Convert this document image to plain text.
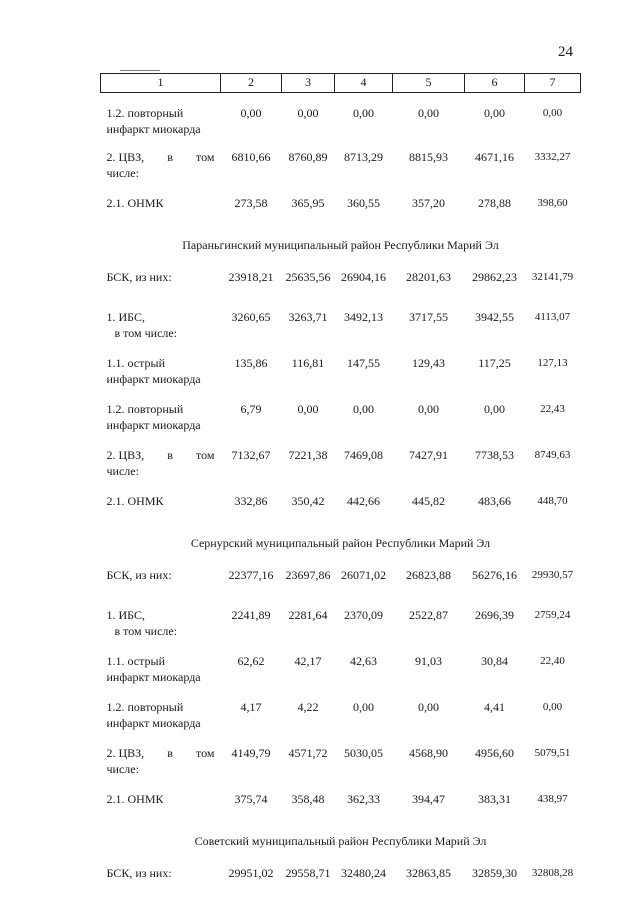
24
1	2	3	4	5	6	7

1.2. повторный
инфаркт миокарда	0,00	0,00	0,00	0,00	0,00	0,00

2. ЦВЗ, в том
числе:	6810,66	8760,89	8713,29	8815,93	4671,16	3332,27

2.1. ОНМК	273,58	365,95	360,55	357,20	278,88	398,60
Параньгинский муниципальный район Республики Марий Эл						

БСК, из них:	23918,21	25635,56	26904,16	28201,63	29862,23	32141,79

1. ИБС,
в том числе:	3260,65	3263,71	3492,13	3717,55	3942,55	4113,07

1.1. острый
инфаркт миокарда	135,86	116,81	147,55	129,43	117,25	127,13

1.2. повторный
инфаркт миокарда	6,79	0,00	0,00	0,00	0,00	22,43

2. ЦВЗ, в том
числе:	7132,67	7221,38	7469,08	7427,91	7738,53	8749,63

2.1. ОНМК	332,86	350,42	442,66	445,82	483,66	448,70
Сернурский муниципальный район Республики Марий Эл						

БСК, из них:	22377,16	23697,86	26071,02	26823,88	56276,16	29930,57

1. ИБС,
в том числе:	2241,89	2281,64	2370,09	2522,87	2696,39	2759,24

1.1. острый
инфаркт миокарда	62,62	42,17	42,63	91,03	30,84	22,40

1.2. повторный
инфаркт миокарда	4,17	4,22	0,00	0,00	4,41	0,00

2. ЦВЗ, в том
числе:	4149,79	4571,72	5030,05	4568,90	4956,60	5079,51

2.1. ОНМК	375,74	358,48	362,33	394,47	383,31	438,97
Советский муниципальный район Республики Марий Эл						

БСК, из них:	29951,02	29558,71	32480,24	32863,85	32859,30	32808,28
